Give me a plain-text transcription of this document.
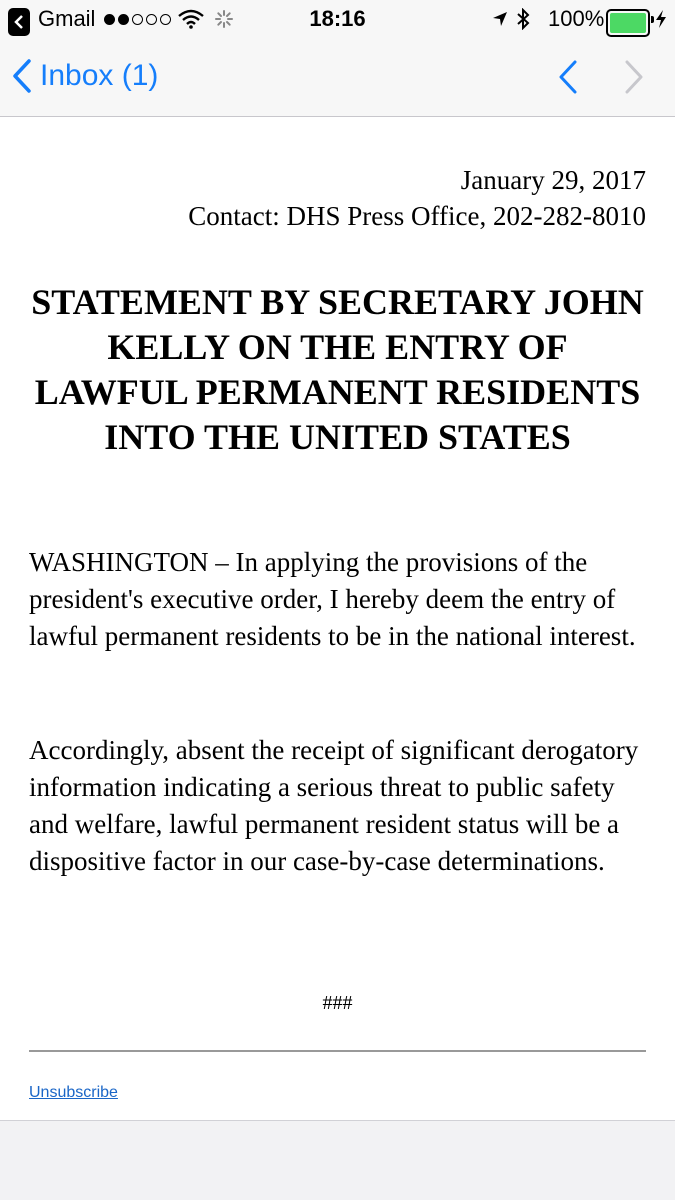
Gmail	18:16	100%
Inbox (1)
January 29, 2017
Contact: DHS Press Office, 202-282-8010
STATEMENT BY SECRETARY JOHN KELLY ON THE ENTRY OF LAWFUL PERMANENT RESIDENTS INTO THE UNITED STATES

WASHINGTON – In applying the provisions of the president's executive order, I hereby deem the entry of lawful permanent residents to be in the national interest.

Accordingly, absent the receipt of significant derogatory information indicating a serious threat to public safety and welfare, lawful permanent resident status will be a dispositive factor in our case-by-case determinations.

###
Unsubscribe
